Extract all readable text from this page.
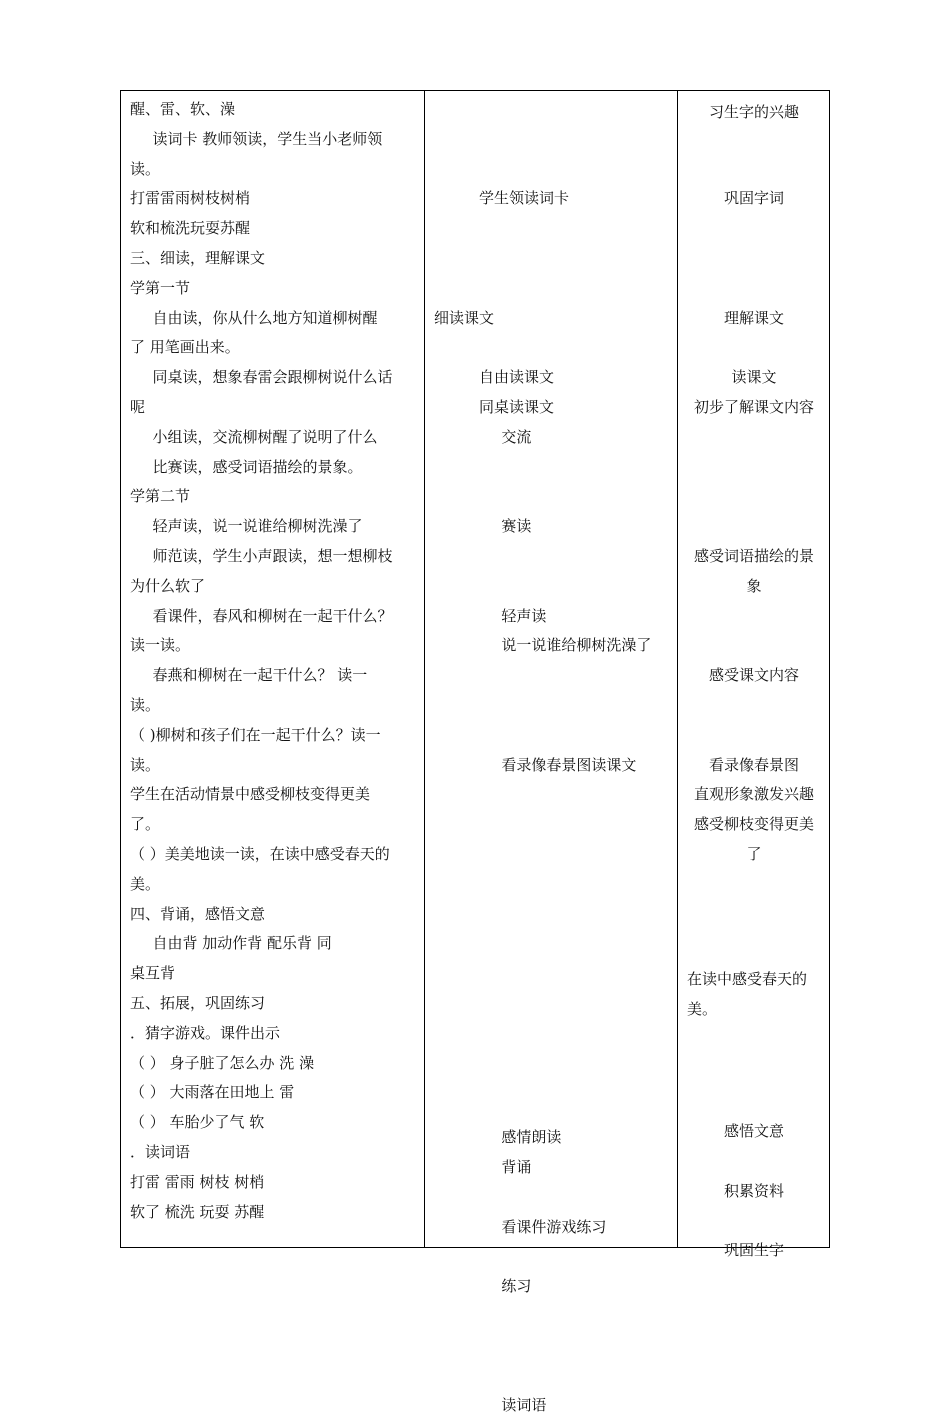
醒、雷、软、澡
读词卡 教师领读，学生当小老师领
读。
打雷雷雨树枝树梢
软和梳洗玩耍苏醒
三、细读，理解课文
学第一节
自由读，你从什么地方知道柳树醒
了 用笔画出来。
同桌读，想象春雷会跟柳树说什么话
呢
小组读，交流柳树醒了说明了什么
比赛读，感受词语描绘的景象。
学第二节
轻声读，说一说谁给柳树洗澡了
师范读，学生小声跟读，想一想柳枝
为什么软了
看课件，春风和柳树在一起干什么？
读一读。
春燕和柳树在一起干什么？ 读一
读。
（ )柳树和孩子们在一起干什么？读一
读。
学生在活动情景中感受柳枝变得更美
了。
（ ）美美地读一读，在读中感受春天的
美。
四、背诵，感悟文意
自由背 加动作背 配乐背 同
桌互背
五、拓展，巩固练习
．猜字游戏。课件出示
（ ） 身子脏了怎么办 洗 澡
（ ） 大雨落在田地上 雷
（ ） 车胎少了气 软
．读词语
打雷 雷雨 树枝 树梢
软了 梳洗 玩耍 苏醒
学生领读词卡
细读课文
自由读课文
同桌读课文
交流
赛读
轻声读
说一说谁给柳树洗澡了
看录像春景图读课文
感情朗读
背诵
看课件游戏练习
练习
读词语
习生字的兴趣
巩固字词
理解课文
读课文
初步了解课文内容
感受词语描绘的景
象
感受课文内容
看录像春景图
直观形象激发兴趣
感受柳枝变得更美
了
在读中感受春天的
美。
感悟文意
积累资料
巩固生字
